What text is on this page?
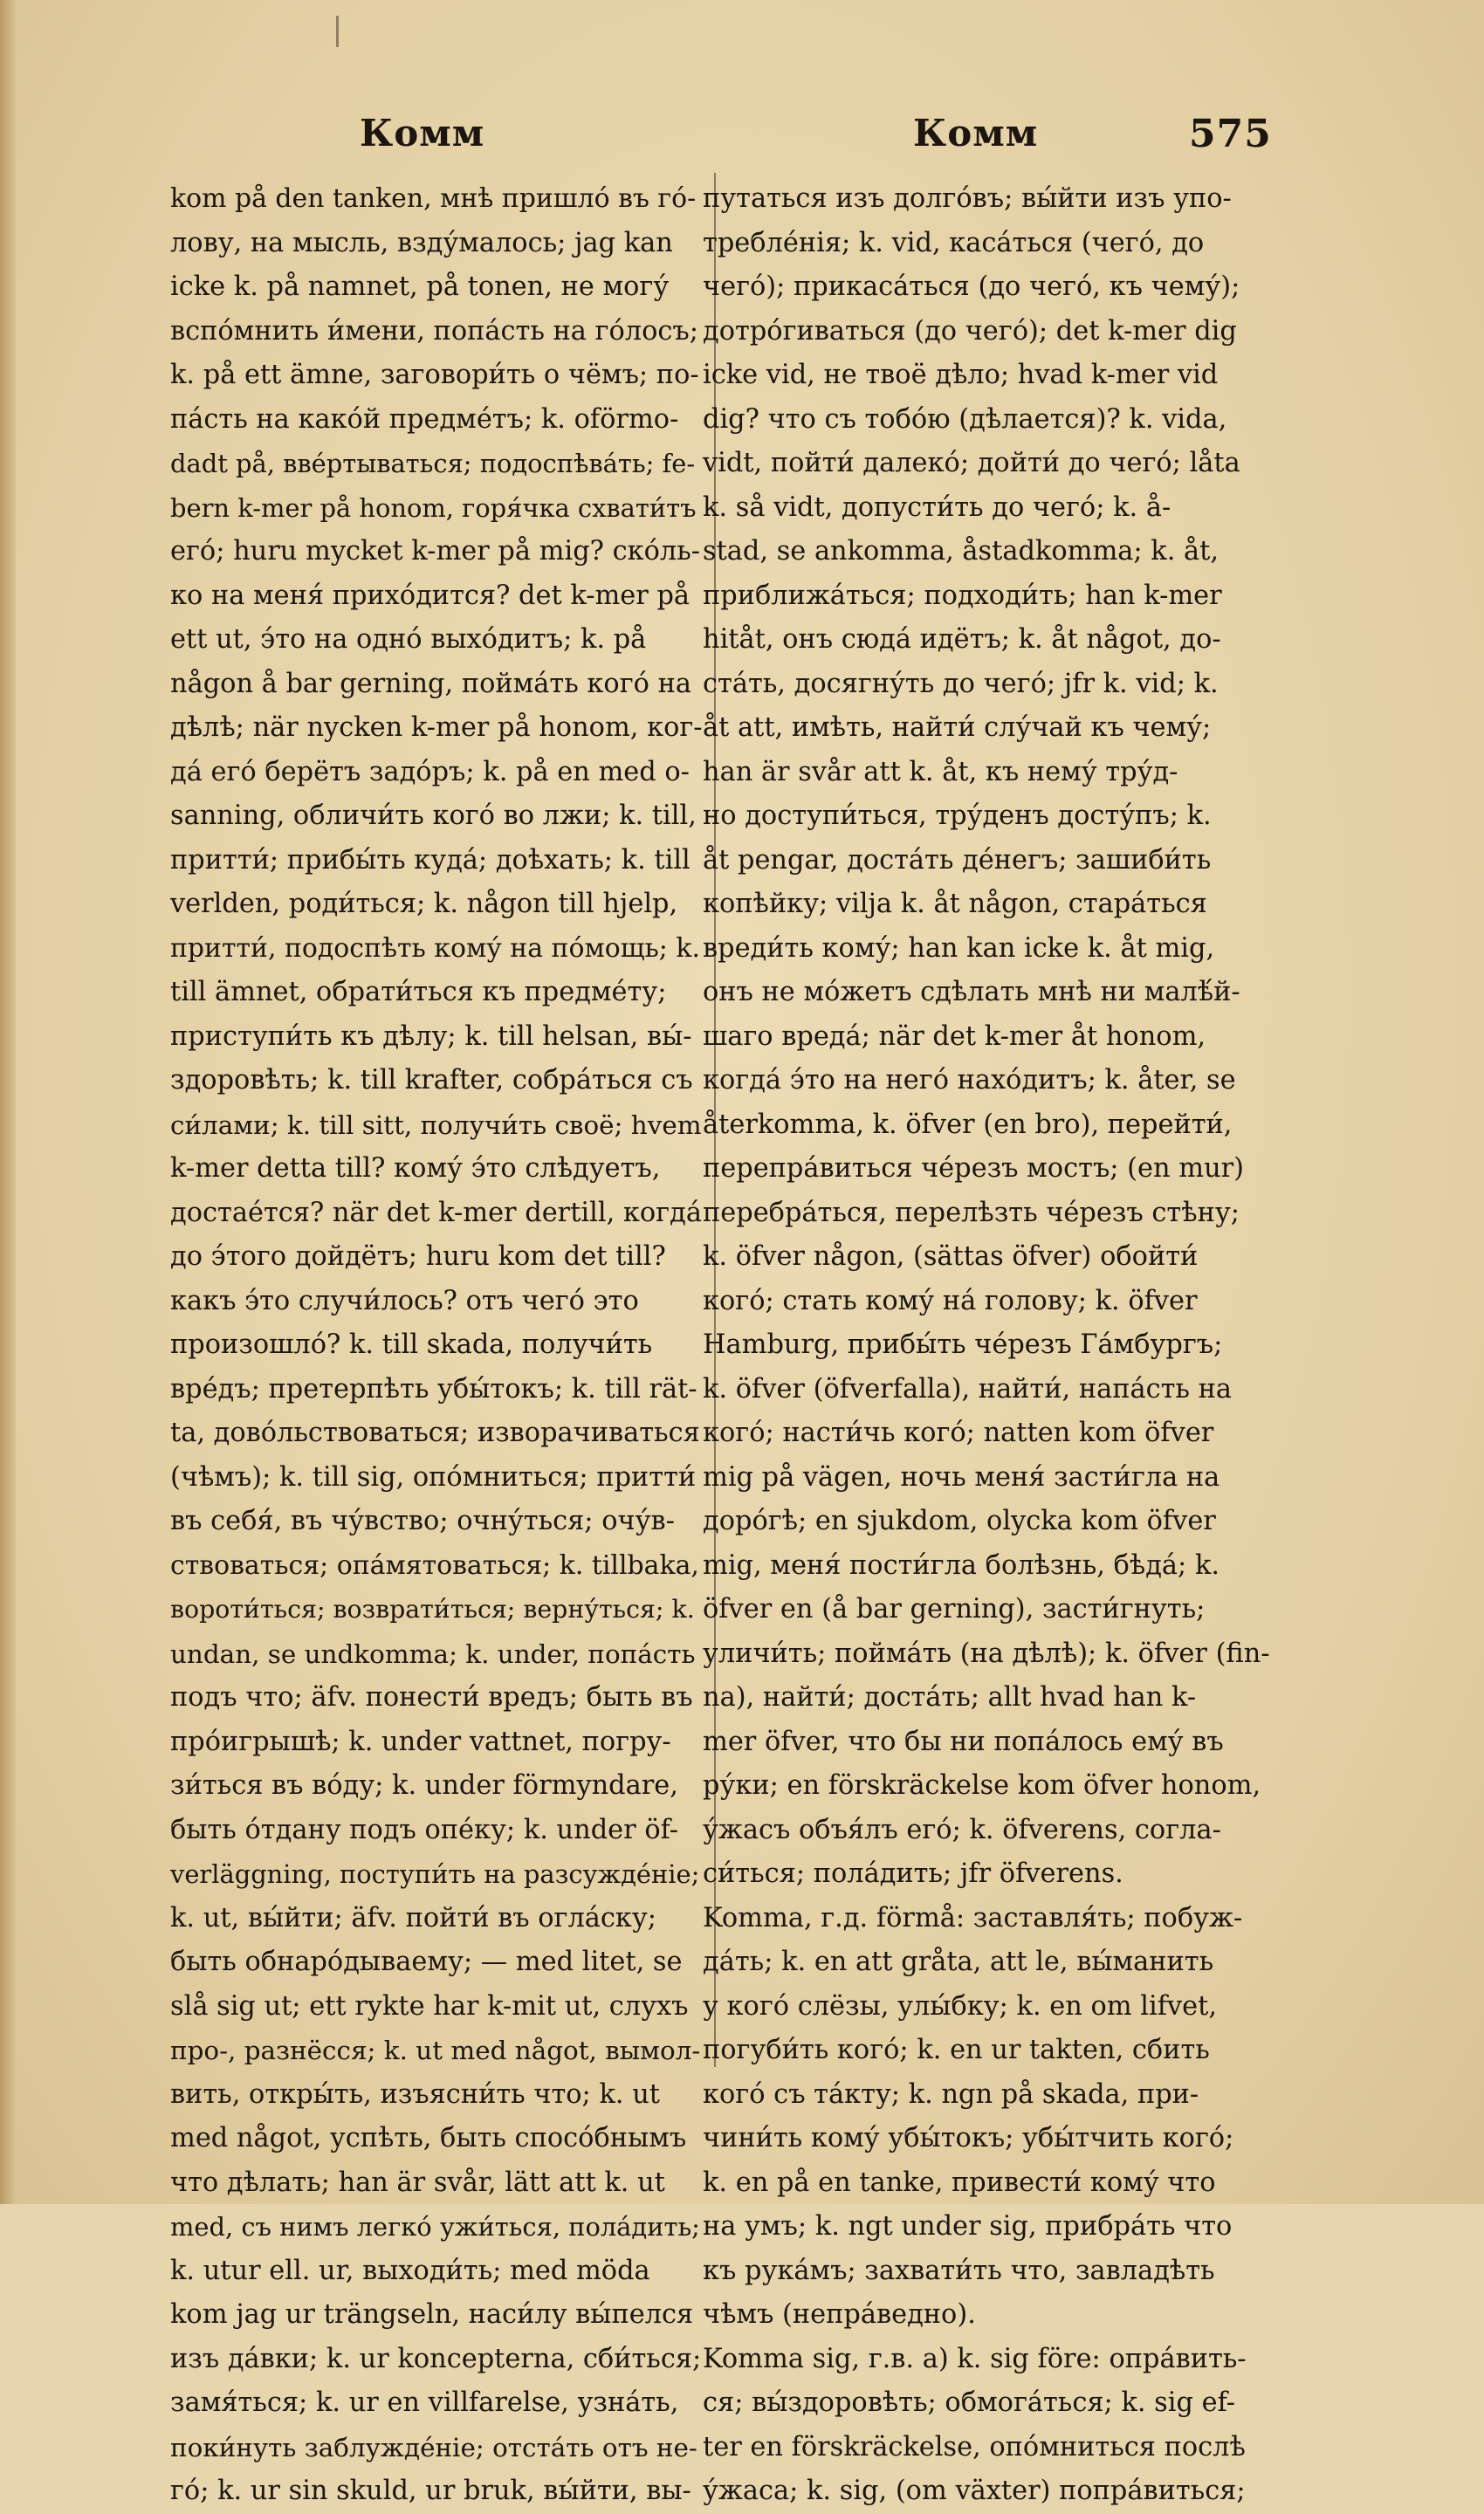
Комм	Комм	575
kom på den tanken, мнѣ пришло́ въ го́-
лову, на мысль, взду́малось; jag kan
icke k. på namnet, på tonen, не могу́
вспо́мнить и́мени, попа́сть на го́лосъ;
k. på ett ämne, заговори́ть о чёмъ; по-
па́сть на како́й предме́тъ; k. oförmo-
dadt på, вве́ртываться; подоспѣва́ть; fe-
bern k-mer på honom, горя́чка схвати́тъ
его́; huru mycket k-mer på mig? ско́ль-
ко на меня́ прихо́дится? det k-mer på
ett ut, э́то на одно́ выхо́дитъ; k. på
någon å bar gerning, пойма́ть кого́ на
дѣлѣ; när nycken k-mer på honom, ког-
да́ его́ берётъ задо́ръ; k. på en med o-
sanning, обличи́ть кого́ во лжи; k. till,
притти́; прибы́ть куда́; доѣхать; k. till
verlden, роди́ться; k. någon till hjelp,
притти́, подоспѣть кому́ на по́мощь; k.
till ämnet, обрати́ться къ предме́ту;
приступи́ть къ дѣлу; k. till helsan, вы́-
здоровѣть; k. till krafter, собра́ться съ
си́лами; k. till sitt, получи́ть своё; hvem
k-mer detta till? кому́ э́то слѣдуетъ,
достае́тся? när det k-mer dertill, когда́
до э́того дойдётъ; huru kom det till?
какъ э́то случи́лось? отъ чего́ это
произошло́? k. till skada, получи́ть
вре́дъ; претерпѣть убы́токъ; k. till rät-
ta, дово́льствоваться; изворачиваться
(чѣмъ); k. till sig, опо́мниться; притти́
въ себя́, въ чу́вство; очну́ться; очу́в-
ствоваться; опа́мятоваться; k. tillbaka,
вороти́ться; возврати́ться; верну́ться; k.
undan, se undkomma; k. under, попа́сть
подъ что; äfv. понести́ вредъ; быть въ
про́игрышѣ; k. under vattnet, погру-
зи́ться въ во́ду; k. under förmyndare,
быть о́тдану подъ опе́ку; k. under öf-
verläggning, поступи́ть на разсужде́ніе;
k. ut, вы́йти; äfv. пойти́ въ огла́ску;
быть обнаро́дываему; — med litet, se
slå sig ut; ett rykte har k-mit ut, слухъ
про-, разнёсся; k. ut med något, вымол-
вить, откры́ть, изъясни́ть что; k. ut
med något, успѣть, быть спосо́бнымъ
что дѣлать; han är svår, lätt att k. ut
med, съ нимъ легко́ ужи́ться, пола́дить;
k. utur ell. ur, выходи́ть; med möda
kom jag ur trängseln, наси́лу вы́пелся
изъ да́вки; k. ur koncepterna, сби́ться;
замя́ться; k. ur en villfarelse, узна́ть,
поки́нуть заблужде́ніе; отста́ть отъ не-
го́; k. ur sin skuld, ur bruk, вы́йти, вы-
путаться изъ долго́въ; вы́йти изъ упо-
требле́нія; k. vid, каса́ться (чего́, до
чего́); прикаса́ться (до чего́, къ чему́);
дотро́гиваться (до чего́); det k-mer dig
icke vid, не твоё дѣло; hvad k-mer vid
dig? что съ тобо́ю (дѣлается)? k. vida,
vidt, пойти́ далеко́; дойти́ до чего́; låta
k. så vidt, допусти́ть до чего́; k. å-
stad, se ankomma, åstadkomma; k. åt,
приближа́ться; подходи́ть; han k-mer
hitåt, онъ сюда́ идётъ; k. åt något, до-
ста́ть, досягну́ть до чего́; jfr k. vid; k.
åt att, имѣть, найти́ слу́чай къ чему́;
han är svår att k. åt, къ нему́ тру́д-
но доступи́ться, тру́денъ досту́пъ; k.
åt pengar, доста́ть де́негъ; зашиби́ть
копѣйку; vilja k. åt någon, стара́ться
вреди́ть кому́; han kan icke k. åt mig,
онъ не мо́жетъ сдѣлать мнѣ ни малѣ́й-
шаго вреда́; när det k-mer åt honom,
когда́ э́то на него́ нахо́дитъ; k. åter, se
återkomma, k. öfver (en bro), перейти́,
перепра́виться че́резъ мостъ; (en mur)
перебра́ться, перелѣзть че́резъ стѣну;
k. öfver någon, (sättas öfver) обойти́
кого́; стать кому́ на́ голову; k. öfver
Hamburg, прибы́ть че́резъ Га́мбургъ;
k. öfver (öfverfalla), найти́, напа́сть на
кого́; насти́чь кого́; natten kom öfver
mig på vägen, ночь меня́ засти́гла на
доро́гѣ; en sjukdom, olycka kom öfver
mig, меня́ пости́гла болѣзнь, бѣда́; k.
öfver en (å bar gerning), засти́гнуть;
уличи́ть; пойма́ть (на дѣлѣ); k. öfver (fin-
na), найти́; доста́ть; allt hvad han k-
mer öfver, что бы ни попа́лось ему́ въ
ру́ки; en förskräckelse kom öfver honom,
у́жасъ объя́лъ его́; k. öfverens, согла-
си́ться; пола́дить; jfr öfverens.
Komma, г.д. förmå: заставля́ть; побуж-
да́ть; k. en att gråta, att le, вы́манить
у кого́ слёзы, улы́бку; k. en om lifvet,
погуби́ть кого́; k. en ur takten, сбить
кого́ съ та́кту; k. ngn på skada, при-
чини́ть кому́ убы́токъ; убы́тчить кого́;
k. en på en tanke, привести́ кому́ что
на умъ; k. ngt under sig, прибра́ть что
къ рука́мъ; захвати́ть что, завладѣть
чѣмъ (непра́ведно).
Komma sig, г.в. а) k. sig före: опра́вить-
ся; вы́здоровѣть; обмога́ться; k. sig ef-
ter en förskräckelse, опо́мниться послѣ
у́жаса; k. sig, (om växter) попра́виться;
